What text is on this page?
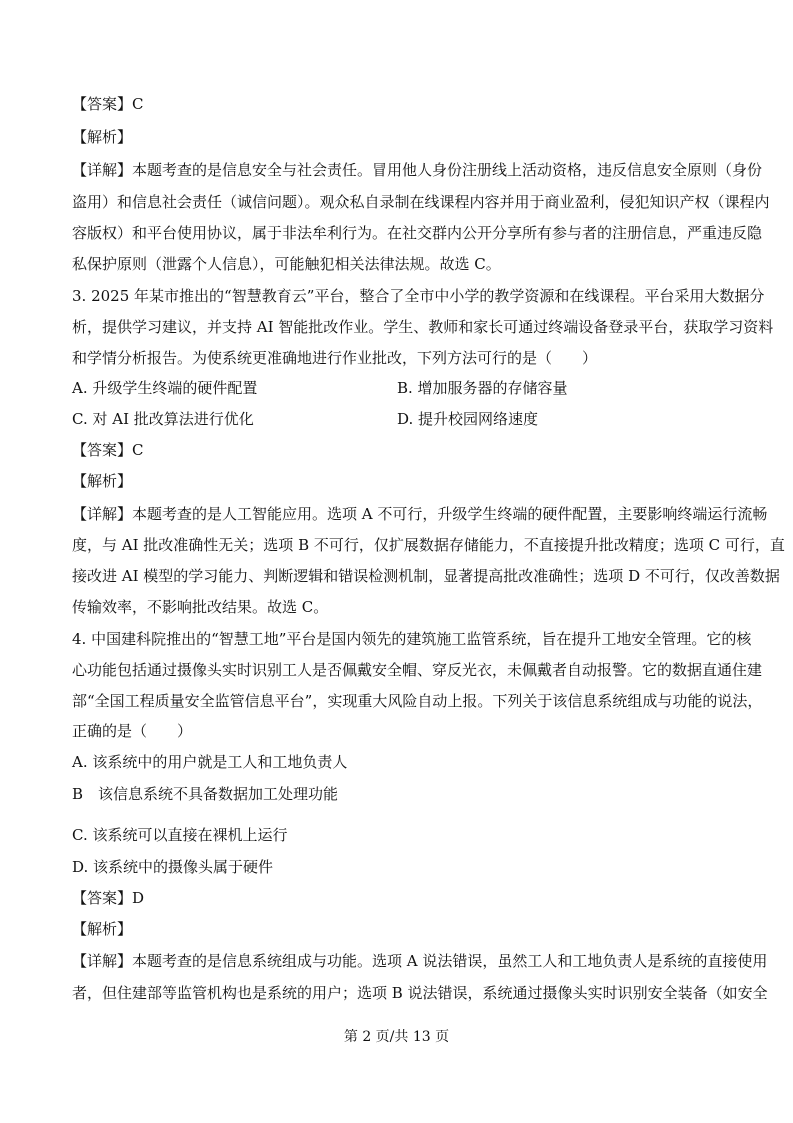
【答案】C
【解析】
【详解】本题考查的是信息安全与社会责任。冒用他人身份注册线上活动资格，违反信息安全原则（身份
盗用）和信息社会责任（诚信问题）。观众私自录制在线课程内容并用于商业盈利，侵犯知识产权（课程内
容版权）和平台使用协议，属于非法牟利行为。在社交群内公开分享所有参与者的注册信息，严重违反隐
私保护原则（泄露个人信息），可能触犯相关法律法规。故选 C。
3. 2025 年某市推出的“智慧教育云”平台，整合了全市中小学的教学资源和在线课程。平台采用大数据分
析，提供学习建议，并支持 AI 智能批改作业。学生、教师和家长可通过终端设备登录平台，获取学习资料
和学情分析报告。为使系统更准确地进行作业批改，下列方法可行的是（　　）
A. 升级学生终端的硬件配置	B. 增加服务器的存储容量
C. 对 AI 批改算法进行优化	D. 提升校园网络速度
【答案】C
【解析】
【详解】本题考查的是人工智能应用。选项 A 不可行，升级学生终端的硬件配置，主要影响终端运行流畅
度，与 AI 批改准确性无关；选项 B 不可行，仅扩展数据存储能力，不直接提升批改精度；选项 C 可行，直
接改进 AI 模型的学习能力、判断逻辑和错误检测机制，显著提高批改准确性；选项 D 不可行，仅改善数据
传输效率，不影响批改结果。故选 C。
4. 中国建科院推出的“智慧工地”平台是国内领先的建筑施工监管系统，旨在提升工地安全管理。它的核
心功能包括通过摄像头实时识别工人是否佩戴安全帽、穿反光衣，未佩戴者自动报警。它的数据直通住建
部“全国工程质量安全监管信息平台”，实现重大风险自动上报。下列关于该信息系统组成与功能的说法，
正确的是（　　）
A. 该系统中的用户就是工人和工地负责人
B　该信息系统不具备数据加工处理功能
C. 该系统可以直接在裸机上运行
D. 该系统中的摄像头属于硬件
【答案】D
【解析】
【详解】本题考查的是信息系统组成与功能。选项 A 说法错误，虽然工人和工地负责人是系统的直接使用
者，但住建部等监管机构也是系统的用户；选项 B 说法错误，系统通过摄像头实时识别安全装备（如安全
第 2 页/共 13 页
